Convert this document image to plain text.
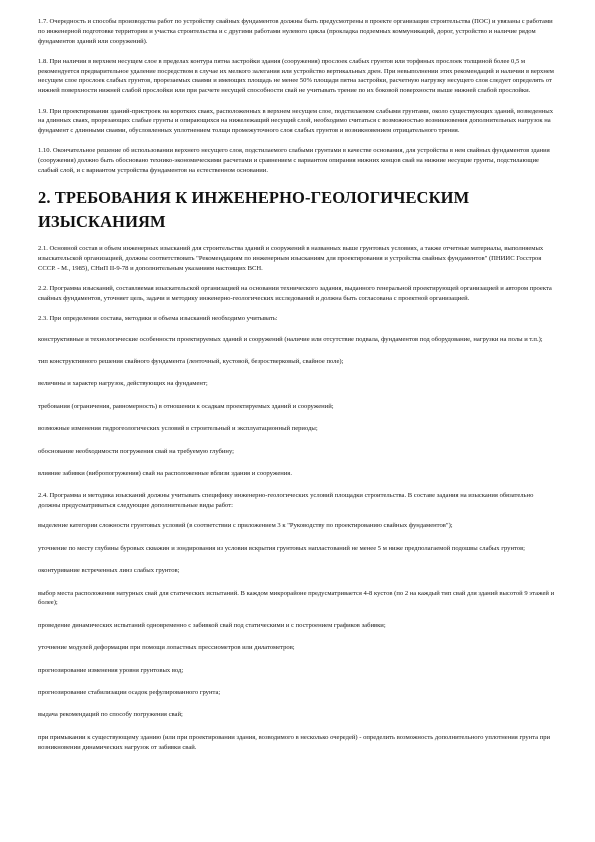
1.7. Очередность и способы производства работ по устройству свайных фундаментов должны быть предусмотрены в проекте организации строительства (ПОС) и увязаны с работами по инженерной подготовке территории и участка строительства и с другими работами нулевого цикла (прокладка подземных коммуникаций, дорог, устройство и наличие рядом фундаментов зданий или сооружений).

1.8. При наличии в верхнем несущем слое в пределах контура пятна застройки здания (сооружения) прослоек слабых грунтов или торфяных прослоек толщиной более 0,5 м рекомендуется предварительное удаление посредством в случае их мелкого залегания или устройство вертикальных дрен. При невыполнении этих рекомендаций и наличии в верхнем несущем слое прослоек слабых грунтов, прорезаемых сваями и имеющих площадь не менее 50% площади пятна застройки, расчетную нагрузку несущего слоя следует определять от нижней поверхности нижней слабой прослойки или при расчете несущей способности свай не учитывать трение по их боковой поверхности выше нижней слабой прослойки.

1.9. При проектировании зданий-пристроек на коротких сваях, расположенных в верхнем несущем слое, подстилаемом слабыми грунтами, около существующих зданий, возведенных на длинных сваях, прорезающих слабые грунты и опирающихся на нижележащий несущий слой, необходимо считаться с возможностью возникновения дополнительных нагрузок на фундамент с длинными сваями, обусловленных уплотнением толщи промежуточного слоя слабых грунтов и возникновением отрицательного трения.

1.10. Окончательное решение об использовании верхнего несущего слоя, подстилаемого слабыми грунтами в качестве основания, для устройства в нем свайных фундаментов здания (сооружения) должно быть обосновано технико-экономическими расчетами и сравнением с вариантом опирания нижних концов свай на нижние несущие грунты, подстилающие слабый слой, и с вариантом устройства фундаментов на естественном основании.

2. ТРЕБОВАНИЯ К ИНЖЕНЕРНО-ГЕОЛОГИЧЕСКИМ ИЗЫСКАНИЯМ

2.1. Основной состав и объем инженерных изысканий для строительства зданий и сооружений в названных выше грунтовых условиях, а также отчетные материалы, выполняемых изыскательской организацией, должны соответствовать "Рекомендациям по инженерным изысканиям для проектирования и устройства свайных фундаментов" (ПНИИС Госстроя СССР. - М., 1985), СНиП II-9-78 и дополнительным указаниям настоящих ВСН.

2.2. Программа изысканий, составляемая изыскательской организацией на основании технического задания, выданного генеральной проектирующей организацией и автором проекта свайных фундаментов, уточняет цель, задачи и методику инженерно-геологических исследований и должна быть согласована с проектной организацией.

2.3. При определении состава, методики и объема изысканий необходимо учитывать:

конструктивные и технологические особенности проектируемых зданий и сооружений (наличие или отсутствие подвала, фундаментов под оборудование, нагрузки на полы и т.п.);

тип конструктивного решения свайного фундамента (ленточный, кустовой, безростверковый, свайное поле);

величины и характер нагрузок, действующих на фундамент;

требования (ограничения, равномерность) в отношении к осадкам проектируемых зданий и сооружений;

возможные изменения гидрогеологических условий в строительный и эксплуатационный периоды;

обоснование необходимости погружения свай на требуемую глубину;

влияние забивки (вибропогружения) свай на расположенные вблизи здания и сооружения.

2.4. Программа и методика изысканий должны учитывать специфику инженерно-геологических условий площадки строительства. В составе задания на изыскания обязательно должны предусматриваться следующие дополнительные виды работ:

выделение категории сложности грунтовых условий (в соответствии с приложением 3 к "Руководству по проектированию свайных фундаментов");

уточнение по месту глубины буровых скважин и зондирования из условия вскрытия грунтовых напластований не менее 5 м ниже предполагаемой подошвы слабых грунтов;

оконтуривание встреченных линз слабых грунтов;

выбор места расположения натурных свай для статических испытаний. В каждом микрорайоне предусматривается 4-8 кустов (по 2 на каждый тип свай для зданий высотой 9 этажей и более);

проведение динамических испытаний одновременно с забивкой свай под статическими и с построением графиков забивки;

уточнение модулей деформации при помощи лопастных прессиометров или дилатометров;

прогнозирование изменения уровня грунтовых вод;

прогнозирование стабилизации осадок рефулированного грунта;

выдача рекомендаций по способу погружения свай;

при примыкании к существующему зданию (или при проектировании здания, возводимого в несколько очередей) - определить возможность дополнительного уплотнения грунта при возникновении динамических нагрузок от забивки свай.
